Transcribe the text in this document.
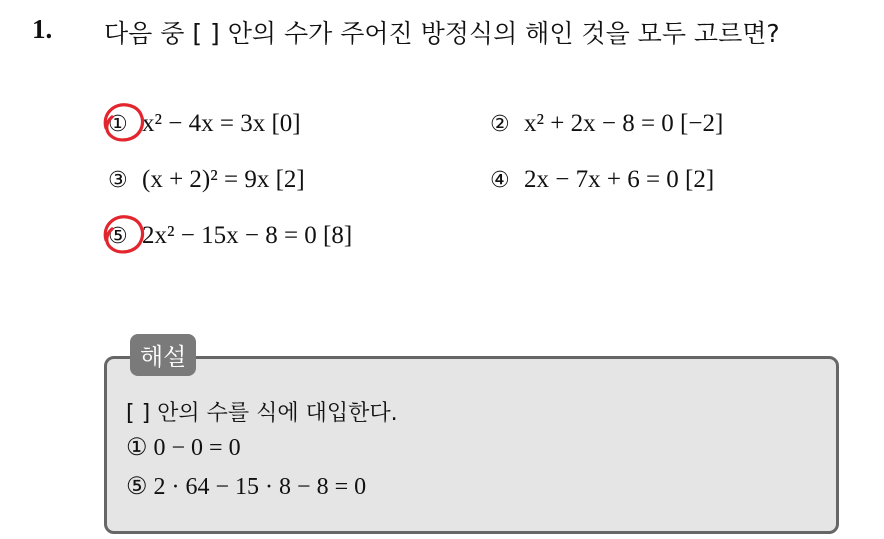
1. 다음 중 [ ] 안의 수가 주어진 방정식의 해인 것을 모두 고르면?
① x² − 4x = 3x [0]	② x² + 2x − 8 = 0 [−2]
③ (x + 2)² = 9x [2]	④ 2x − 7x + 6 = 0 [2]
⑤ 2x² − 15x − 8 = 0 [8]
해설
[ ] 안의 수를 식에 대입한다.
① 0 − 0 = 0
⑤ 2 · 64 − 15 · 8 − 8 = 0
